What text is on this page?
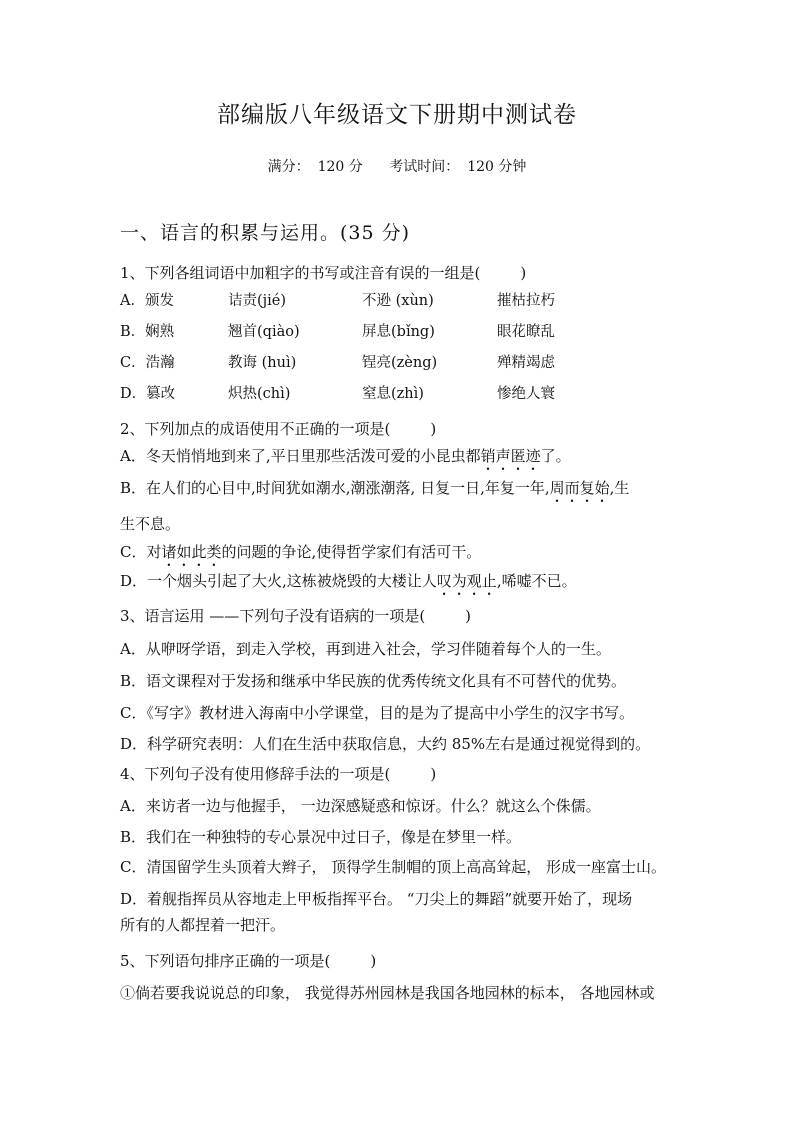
部编版八年级语文下册期中测试卷
满分： 120 分 考试时间： 120 分钟
一、语言的积累与运用。(35 分)
1、下列各组词语中加粗字的书写或注音有误的一组是(	)
A．颁发	诘责(jié)	不逊 (xùn)	摧枯拉朽
B．娴熟	翘首(qiào)	屏息(bǐng)	眼花瞭乱
C．浩瀚	教诲 (huì)	锃亮(zèng)	殚精竭虑
D．篡改	炽热(chì)	窒息(zhì)	惨绝人寰
2、下列加点的成语使用不正确的一项是(	)
A．冬天悄悄地到来了,平日里那些活泼可爱的小昆虫都销声匿迹了。
B．在人们的心目中,时间犹如潮水,潮涨潮落, 日复一日,年复一年,周而复始,生
生不息。
C．对诸如此类的问题的争论,使得哲学家们有活可干。
D．一个烟头引起了大火,这栋被烧毁的大楼让人叹为观止,唏嘘不已。
3、语言运用 ——下列句子没有语病的一项是(	)
A．从咿呀学语，到走入学校，再到进入社会，学习伴随着每个人的一生。
B．语文课程对于发扬和继承中华民族的优秀传统文化具有不可替代的优势。
C．《写字》教材进入海南中小学课堂，目的是为了提高中小学生的汉字书写。
D．科学研究表明：人们在生活中获取信息，大约 85%左右是通过视觉得到的。
4、下列句子没有使用修辞手法的一项是(	)
A．来访者一边与他握手， 一边深感疑惑和惊讶。什么？就这么个侏儒。
B．我们在一种独特的专心景况中过日子，像是在梦里一样。
C．清国留学生头顶着大辫子， 顶得学生制帽的顶上高高耸起， 形成一座富士山。
D．着舰指挥员从容地走上甲板指挥平台。 “刀尖上的舞蹈”就要开始了，现场
所有的人都捏着一把汗。
5、下列语句排序正确的一项是(	)
①倘若要我说说总的印象， 我觉得苏州园林是我国各地园林的标本， 各地园林或
